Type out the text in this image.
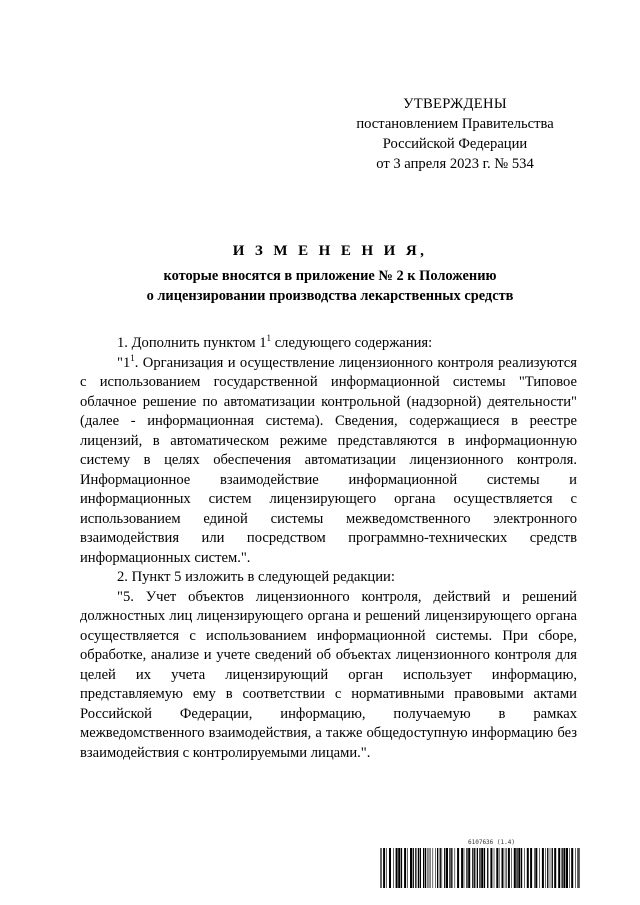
УТВЕРЖДЕНЫ
постановлением Правительства
Российской Федерации
от 3 апреля 2023 г. № 534
И З М Е Н Е Н И Я,
которые вносятся в приложение № 2 к Положению
о лицензировании производства лекарственных средств

1. Дополнить пунктом $1^1$ следующего содержания:

"$1^1$. Организация и осуществление лицензионного контроля реализуются с использованием государственной информационной системы "Типовое облачное решение по автоматизации контрольной (надзорной) деятельности" (далее - информационная система). Сведения, содержащиеся в реестре лицензий, в автоматическом режиме представляются в информационную систему в целях обеспечения автоматизации лицензионного контроля. Информационное взаимодействие информационной системы и информационных систем лицензирующего органа осуществляется с использованием единой системы межведомственного электронного взаимодействия или посредством программно-технических средств информационных систем.".

2. Пункт 5 изложить в следующей редакции:

"5. Учет объектов лицензионного контроля, действий и решений должностных лиц лицензирующего органа и решений лицензирующего органа осуществляется с использованием информационной системы. При сборе, обработке, анализе и учете сведений об объектах лицензионного контроля для целей их учета лицензирующий орган использует информацию, представляемую ему в соответствии с нормативными правовыми актами Российской Федерации, информацию, получаемую в рамках межведомственного взаимодействия, а также общедоступную информацию без взаимодействия с контролируемыми лицами.".

6107636 (1.4)
